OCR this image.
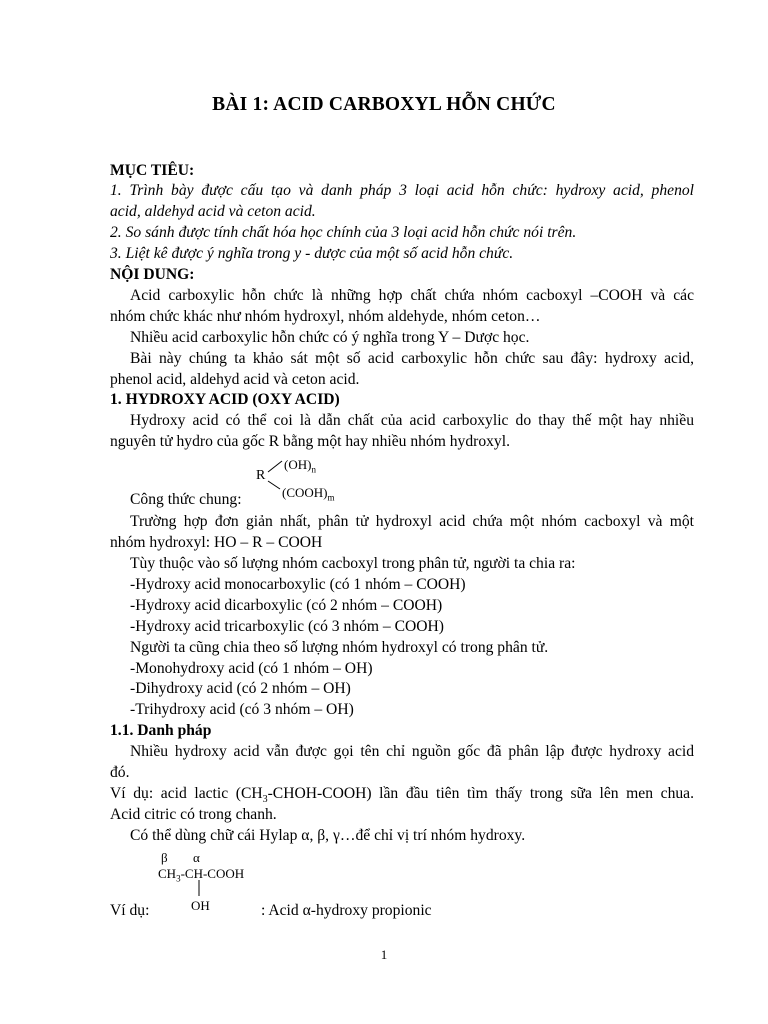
BÀI 1: ACID CARBOXYL HỖN CHỨC
MỤC TIÊU:
1. Trình bày được cấu tạo và danh pháp 3 loại acid hỗn chức: hydroxy acid, phenol
acid, aldehyd acid và ceton acid.
2. So sánh được tính chất hóa học chính của 3 loại acid hỗn chức nói trên.
3. Liệt kê được ý nghĩa trong y - dược của một số acid hỗn chức.
NỘI DUNG:
Acid carboxylic hỗn chức là những hợp chất chứa nhóm cacboxyl –COOH và các
nhóm chức khác như nhóm hydroxyl, nhóm aldehyde, nhóm ceton…
Nhiều acid carboxylic hỗn chức có ý nghĩa trong Y – Dược học.
Bài này chúng ta khảo sát một số acid carboxylic hỗn chức sau đây: hydroxy acid,
phenol acid, aldehyd acid và ceton acid.
1. HYDROXY ACID (OXY ACID)
Hydroxy acid có thể coi là dẫn chất của acid carboxylic do thay thế một hay nhiều
nguyên tử hydro của gốc R bằng một hay nhiều nhóm hydroxyl.
R
$(OH)_n$
$(COOH)_m$
Công thức chung:
Trường hợp đơn giản nhất, phân tử hydroxyl acid chứa một nhóm cacboxyl và một
nhóm hydroxyl: HO – R – COOH
Tùy thuộc vào số lượng nhóm cacboxyl trong phân tử, người ta chia ra:
-Hydroxy acid monocarboxylic (có 1 nhóm – COOH)
-Hydroxy acid dicarboxylic (có 2 nhóm – COOH)
-Hydroxy acid tricarboxylic (có 3 nhóm – COOH)
Người ta cũng chia theo số lượng nhóm hydroxyl có trong phân tử.
-Monohydroxy acid (có 1 nhóm – OH)
-Dihydroxy acid (có 2 nhóm – OH)
-Trihydroxy acid (có 3 nhóm – OH)
1.1. Danh pháp
Nhiều hydroxy acid vẫn được gọi tên chỉ nguồn gốc đã phân lập được hydroxy acid
đó.
Ví dụ: acid lactic $(CH_3-CHOH-COOH)$ lần đầu tiên tìm thấy trong sữa lên men chua.
Acid citric có trong chanh.
Có thể dùng chữ cái Hylap α, β, γ…để chỉ vị trí nhóm hydroxy.
β α
$CH_3-CH$-COOH
OH
Ví dụ:	: Acid α-hydroxy propionic
1
